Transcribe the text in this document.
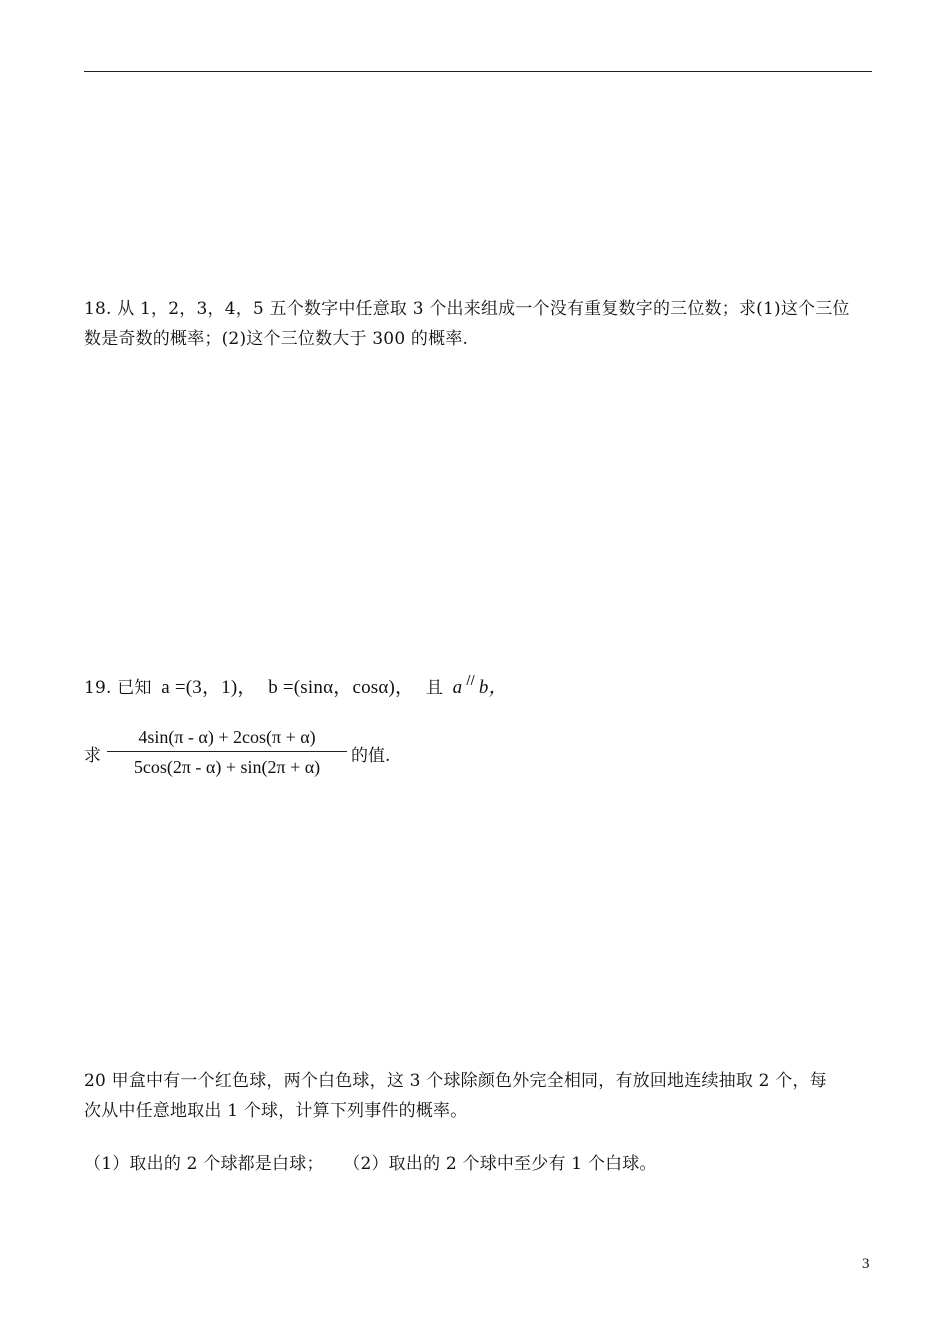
18. 从 1，2，3，4，5 五个数字中任意取 3 个出来组成一个没有重复数字的三位数；求(1)这个三位
数是奇数的概率；(2)这个三位数大于 300 的概率.
19. 已知 a =(3，1)， b =(sinα，cosα)， 且 a // b，
求 $\frac{4\sin(\pi - \alpha) + 2\cos(\pi + \alpha)}{5\cos(2\pi - \alpha) + \sin(2\pi + \alpha)}$ 的值.
20 甲盒中有一个红色球，两个白色球，这 3 个球除颜色外完全相同，有放回地连续抽取 2 个，每
次从中任意地取出 1 个球，计算下列事件的概率。
（1）取出的 2 个球都是白球； （2）取出的 2 个球中至少有 1 个白球。
3
